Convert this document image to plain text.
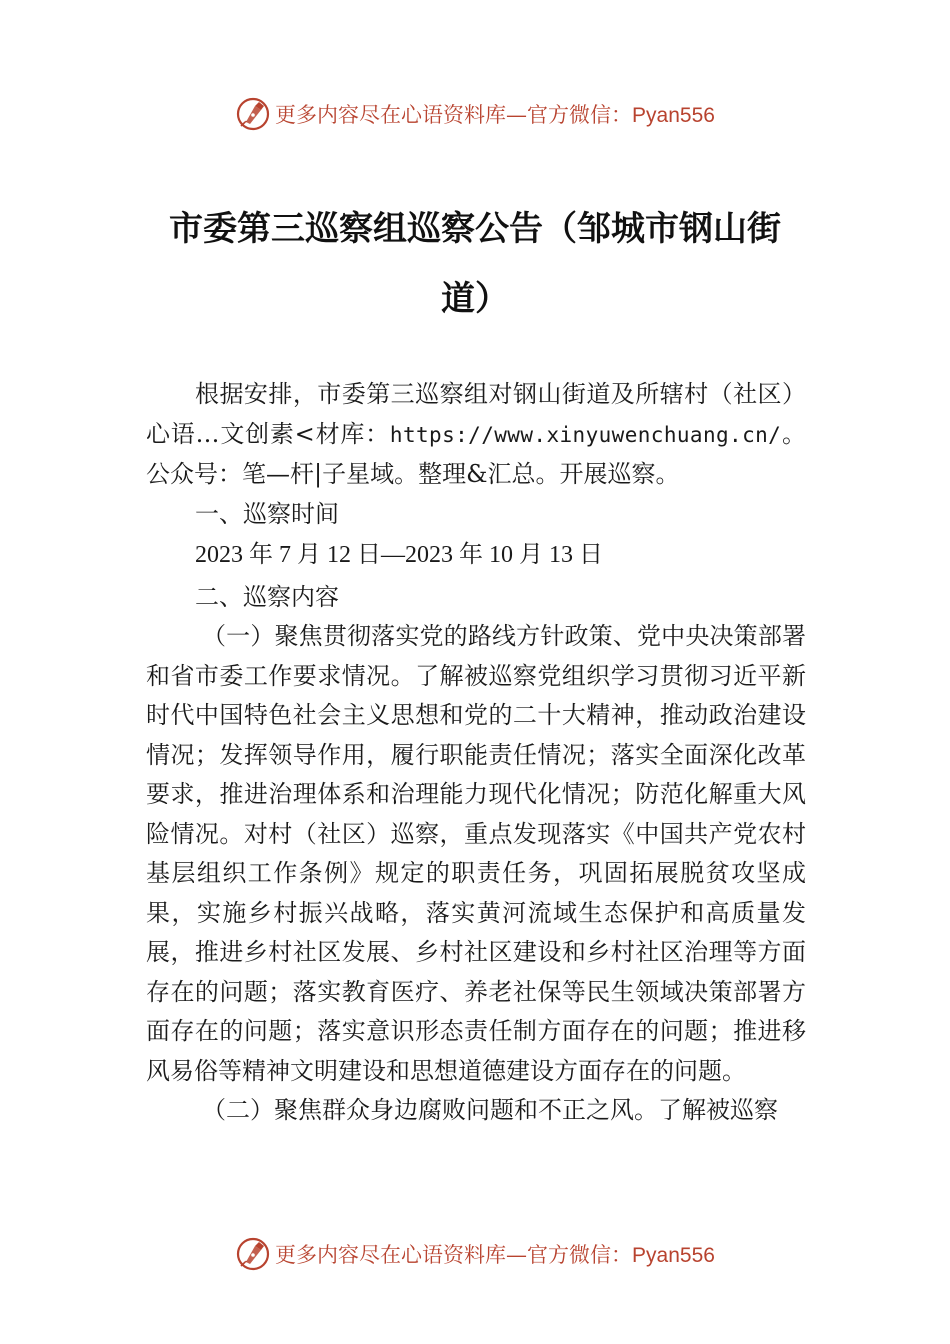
更多内容尽在心语资料库—官方微信：Pyan556
市委第三巡察组巡察公告（邹城市钢山街
道）

根据安排，市委第三巡察组对钢山街道及所辖村（社区） 心语…文创素<材库：https://www.xinyuwenchuang.cn/。公众号：笔—杆|子星域。整理&汇总。开展巡察。

一、巡察时间

2023 年 7 月 12 日—2023 年 10 月 13 日

二、巡察内容

（一）聚焦贯彻落实党的路线方针政策、党中央决策部署和省市委工作要求情况。了解被巡察党组织学习贯彻习近平新时代中国特色社会主义思想和党的二十大精神，推动政治建设情况；发挥领导作用，履行职能责任情况；落实全面深化改革要求，推进治理体系和治理能力现代化情况；防范化解重大风险情况。对村（社区）巡察，重点发现落实《中国共产党农村基层组织工作条例》规定的职责任务，巩固拓展脱贫攻坚成果，实施乡村振兴战略，落实黄河流域生态保护和高质量发展，推进乡村社区发展、乡村社区建设和乡村社区治理等方面存在的问题；落实教育医疗、养老社保等民生领域决策部署方面存在的问题；落实意识形态责任制方面存在的问题；推进移风易俗等精神文明建设和思想道德建设方面存在的问题。

（二）聚焦群众身边腐败问题和不正之风。了解被巡察

更多内容尽在心语资料库—官方微信：Pyan556
